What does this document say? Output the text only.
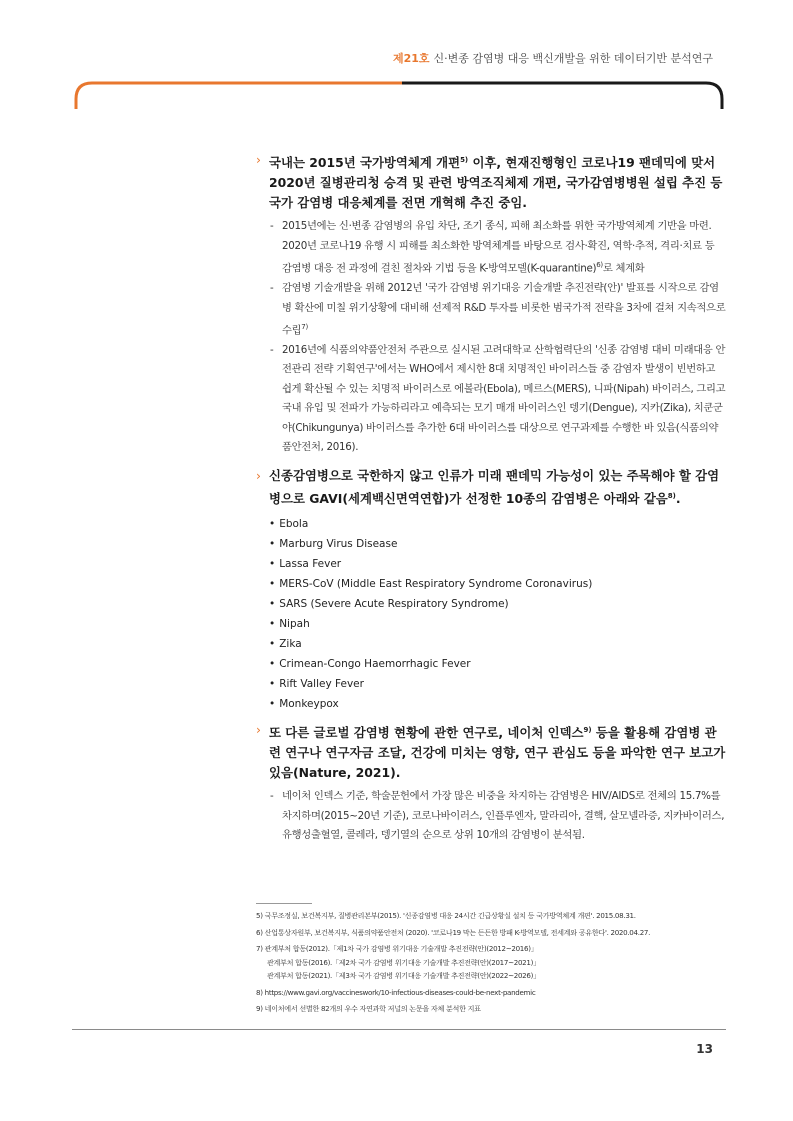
제21호 신·변종 감염병 대응 백신개발을 위한 데이터기반 분석연구
› 국내는 2015년 국가방역체계 개편$^{5)}$ 이후, 현재진행형인 코로나19 팬데믹에 맞서 2020년 질병관리청 승격 및 관련 방역조직체제 개편, 국가감염병병원 설립 추진 등 국가 감염병 대응체계를 전면 개혁해 추진 중임.
- 2015년에는 신·변종 감염병의 유입 차단, 조기 종식, 피해 최소화를 위한 국가방역체계 기반을 마련. 2020년 코로나19 유행 시 피해를 최소화한 방역체계를 바탕으로 검사·확진, 역학·추적, 격리·치료 등 감염병 대응 전 과정에 걸친 절차와 기법 등을 K-방역모델(K-quarantine)$^{6)}$로 체계화
- 감염병 기술개발을 위해 2012년 '국가 감염병 위기대응 기술개발 추진전략(안)' 발표를 시작으로 감염병 확산에 미칠 위기상황에 대비해 선제적 R&D 투자를 비롯한 범국가적 전략을 3차에 걸쳐 지속적으로 수립$^{7)}$
- 2016년에 식품의약품안전처 주관으로 실시된 고려대학교 산학협력단의 '신종 감염병 대비 미래대응 안전관리 전략 기획연구'에서는 WHO에서 제시한 8대 치명적인 바이러스들 중 감염자 발생이 빈번하고 쉽게 확산될 수 있는 치명적 바이러스로 에볼라(Ebola), 메르스(MERS), 니파(Nipah) 바이러스, 그리고 국내 유입 및 전파가 가능하리라고 예측되는 모기 매개 바이러스인 뎅기(Dengue), 지카(Zika), 치쿤군야(Chikungunya) 바이러스를 추가한 6대 바이러스를 대상으로 연구과제를 수행한 바 있음(식품의약품안전처, 2016).
› 신종감염병으로 국한하지 않고 인류가 미래 팬데믹 가능성이 있는 주목해야 할 감염병으로 GAVI(세계백신면역연합)가 선정한 10종의 감염병은 아래와 같음$^{8)}$.
• Ebola
• Marburg Virus Disease
• Lassa Fever
• MERS-CoV (Middle East Respiratory Syndrome Coronavirus)
• SARS (Severe Acute Respiratory Syndrome)
• Nipah
• Zika
• Crimean-Congo Haemorrhagic Fever
• Rift Valley Fever
• Monkeypox
› 또 다른 글로벌 감염병 현황에 관한 연구로, 네이처 인덱스$^{9)}$ 등을 활용해 감염병 관련 연구나 연구자금 조달, 건강에 미치는 영향, 연구 관심도 등을 파악한 연구 보고가 있음(Nature, 2021).
- 네이처 인덱스 기준, 학술문헌에서 가장 많은 비중을 차지하는 감염병은 HIV/AIDS로 전체의 15.7%를 차지하며(2015~20년 기준), 코로나바이러스, 인플루엔자, 말라리아, 결핵, 살모넬라증, 지카바이러스, 유행성출혈열, 콜레라, 뎅기열의 순으로 상위 10개의 감염병이 분석됨.
5) 국무조정실, 보건복지부, 질병관리본부(2015). '신종감염병 대응 24시간 긴급상황실 설치 등 국가방역체계 개편'. 2015.08.31.
6) 산업통상자원부, 보건복지부, 식품의약품안전처 (2020). '코로나19 막는 든든한 방패 K-방역모델, 전세계와 공유한다'. 2020.04.27.
7) 관계부처 합동(2012).「제1차 국가 감염병 위기대응 기술개발 추진전략(안)(2012~2016)」
관계부처 합동(2016).「제2차 국가 감염병 위기대응 기술개발 추진전략(안)(2017~2021)」
관계부처 합동(2021).「제3차 국가 감염병 위기대응 기술개발 추진전략(안)(2022~2026)」
8) https://www.gavi.org/vaccineswork/10-infectious-diseases-could-be-next-pandemic
9) 네이처에서 선별한 82개의 우수 자연과학 저널의 논문을 자체 분석한 지표
13
